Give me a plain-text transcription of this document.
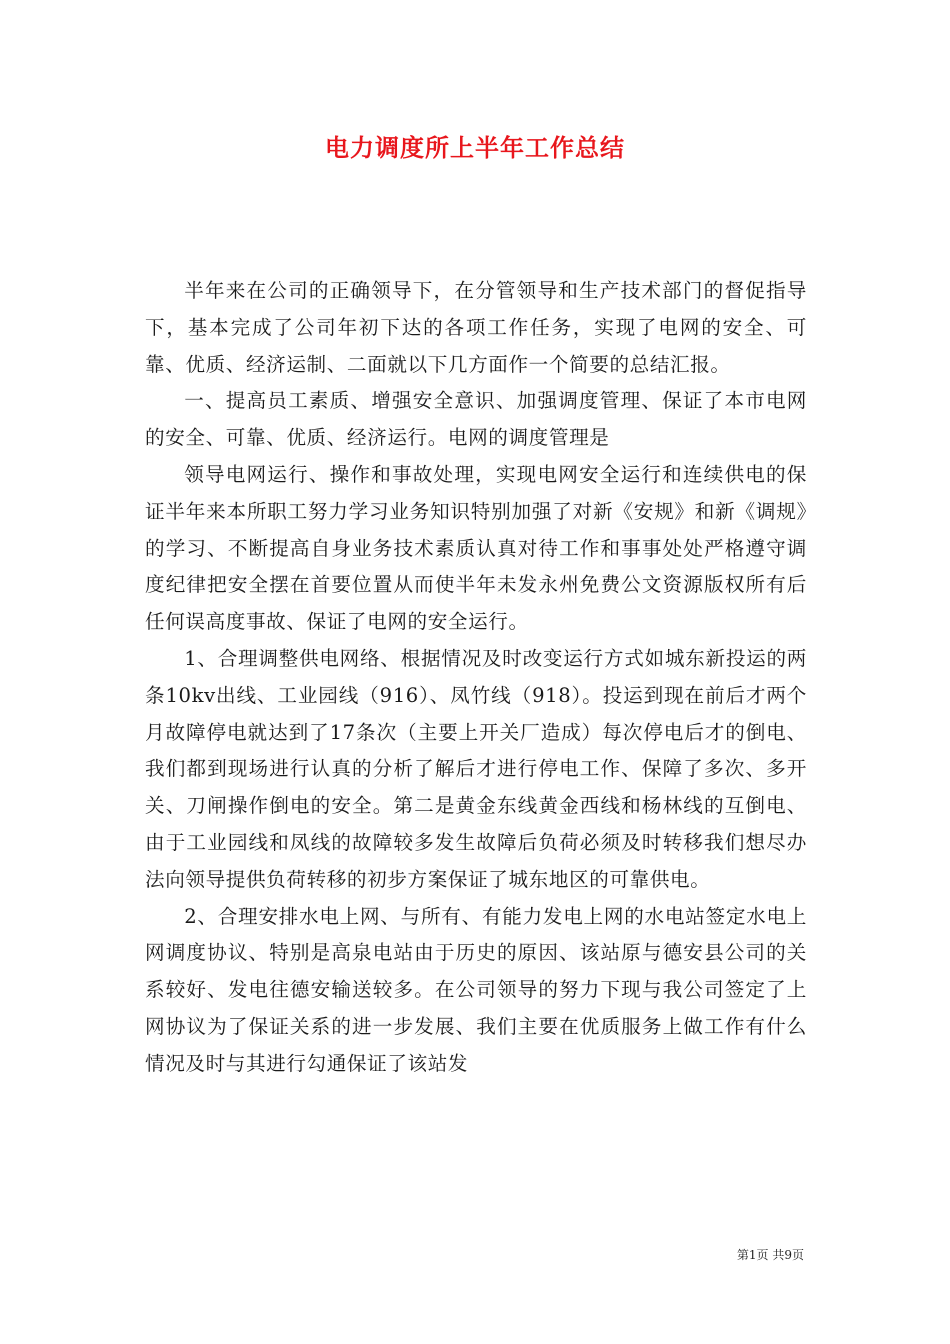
电力调度所上半年工作总结

半年来在公司的正确领导下，在分管领导和生产技术部门的督促指导下，基本完成了公司年初下达的各项工作任务，实现了电网的安全、可靠、优质、经济运制、二面就以下几方面作一个简要的总结汇报。

一、提高员工素质、增强安全意识、加强调度管理、保证了本市电网的安全、可靠、优质、经济运行。电网的调度管理是

领导电网运行、操作和事故处理，实现电网安全运行和连续供电的保证半年来本所职工努力学习业务知识特别加强了对新《安规》和新《调规》的学习、不断提高自身业务技术素质认真对待工作和事事处处严格遵守调度纪律把安全摆在首要位置从而使半年未发永州免费公文资源版权所有后任何误高度事故、保证了电网的安全运行。

1、合理调整供电网络、根据情况及时改变运行方式如城东新投运的两条10kv出线、工业园线（916）、凤竹线（918）。投运到现在前后才两个月故障停电就达到了17条次（主要上开关厂造成）每次停电后才的倒电、我们都到现场进行认真的分析了解后才进行停电工作、保障了多次、多开关、刀闸操作倒电的安全。第二是黄金东线黄金西线和杨林线的互倒电、由于工业园线和凤线的故障较多发生故障后负荷必须及时转移我们想尽办法向领导提供负荷转移的初步方案保证了城东地区的可靠供电。

2、合理安排水电上网、与所有、有能力发电上网的水电站签定水电上网调度协议、特别是高泉电站由于历史的原因、该站原与德安县公司的关系较好、发电往德安输送较多。在公司领导的努力下现与我公司签定了上网协议为了保证关系的进一步发展、我们主要在优质服务上做工作有什么情况及时与其进行勾通保证了该站发

第1页 共9页
